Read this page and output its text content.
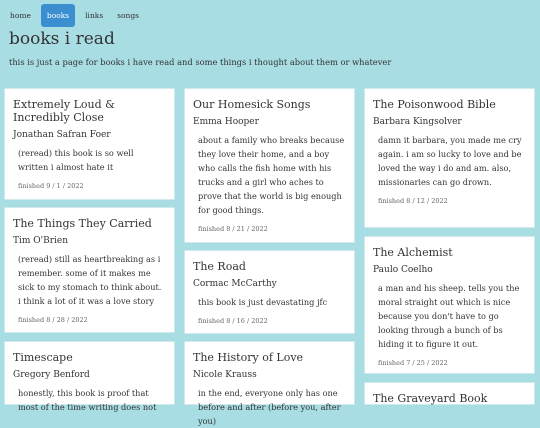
home	books	links	songs
books i read

this is just a page for books i have read and some things i thought about them or whatever

Extremely Loud & Incredibly Close
Jonathan Safran Foer
(reread) this book is so well written i almost hate it
finished 9 / 1 / 2022
The Things They Carried
Tim O'Brien
(reread) still as heartbreaking as i remember. some of it makes me sick to my stomach to think about. i think a lot of it was a love story
finished 8 / 28 / 2022
Timescape
Gregory Benford
honestly, this book is proof that most of the time writing does not
Our Homesick Songs
Emma Hooper
about a family who breaks because they love their home, and a boy who calls the fish home with his trucks and a girl who aches to prove that the world is big enough for good things.
finished 8 / 21 / 2022
The Road
Cormac McCarthy
this book is just devastating jfc
finished 8 / 16 / 2022
The History of Love
Nicole Krauss
in the end, everyone only has one before and after (before you, after you)
The Poisonwood Bible
Barbara Kingsolver
damn it barbara, you made me cry again. i am so lucky to love and be loved the way i do and am. also, missionaries can go drown.
finished 8 / 12 / 2022
The Alchemist
Paulo Coelho
a man and his sheep. tells you the moral straight out which is nice because you don't have to go looking through a bunch of bs hiding it to figure it out.
finished 7 / 25 / 2022
The Graveyard Book
